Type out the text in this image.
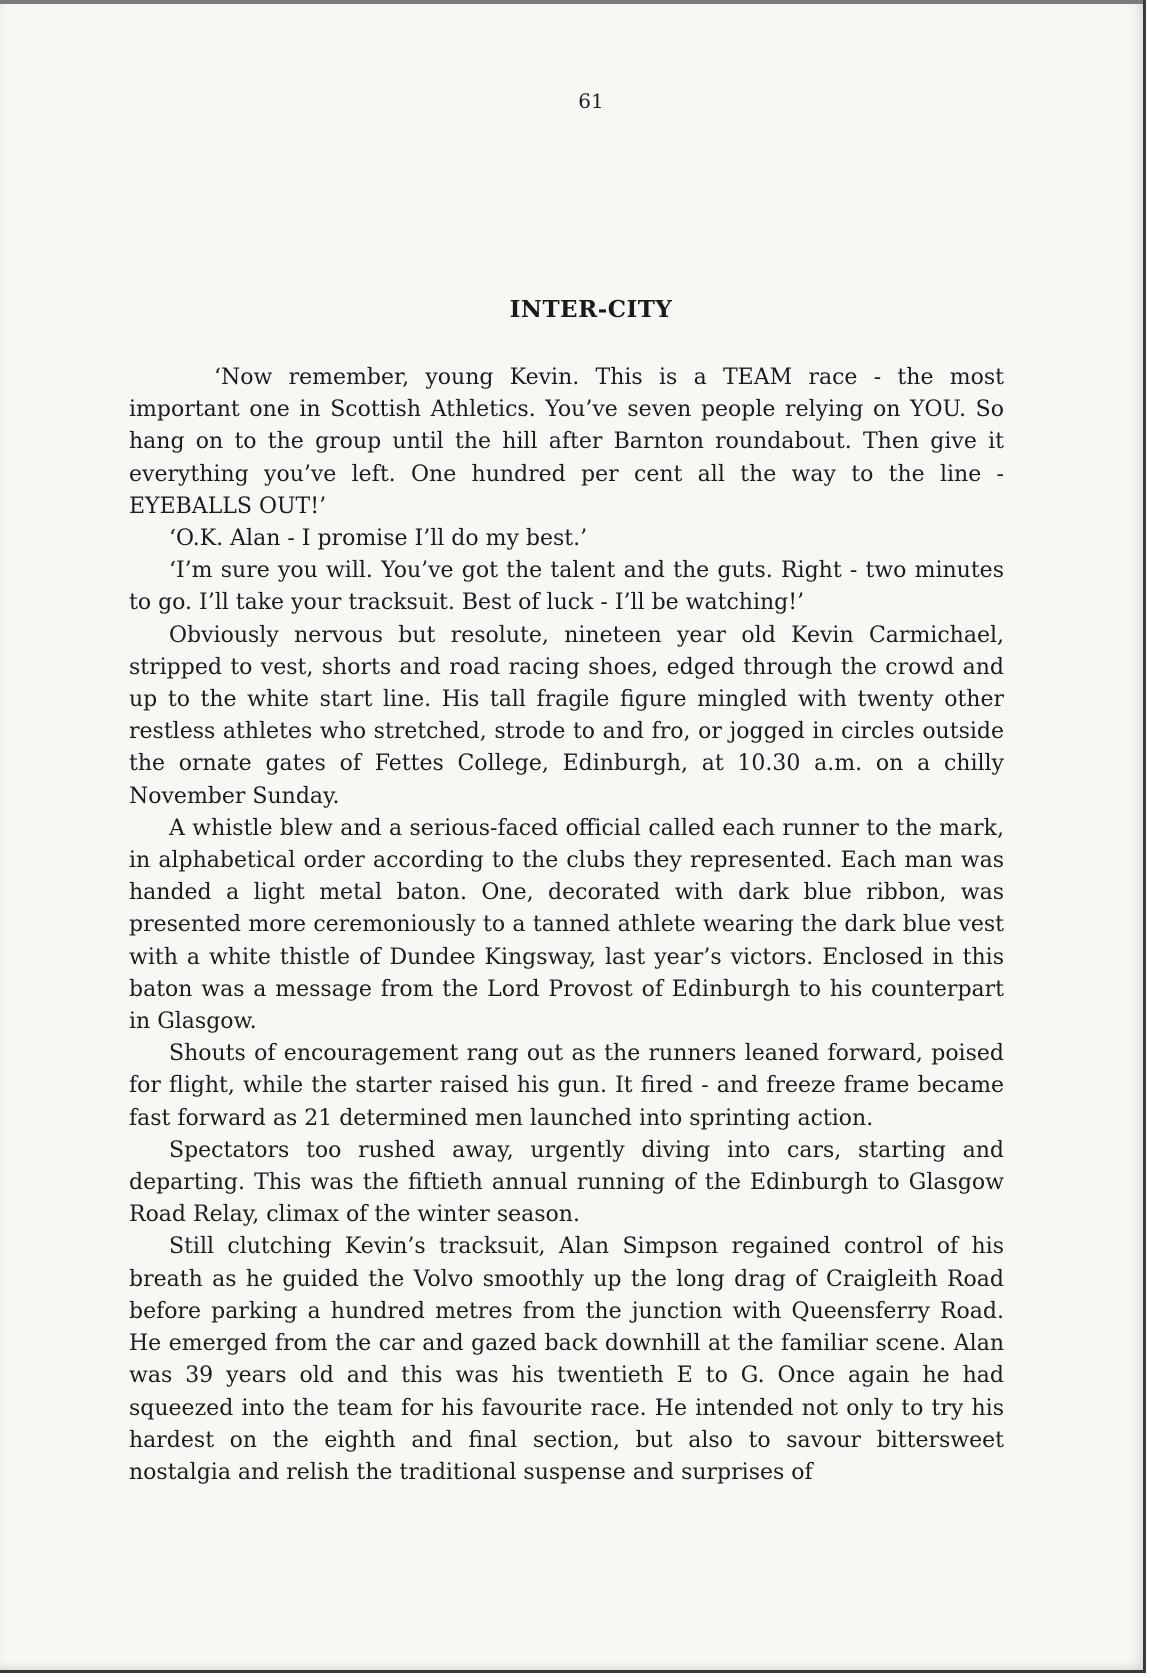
61
INTER-CITY

‘Now remember, young Kevin. This is a TEAM race - the most important one in Scottish Athletics. You’ve seven people relying on YOU. So hang on to the group until the hill after Barnton roundabout. Then give it everything you’ve left. One hundred per cent all the way to the line - EYEBALLS OUT!’

‘O.K. Alan - I promise I’ll do my best.’

‘I’m sure you will. You’ve got the talent and the guts. Right - two minutes to go. I’ll take your tracksuit. Best of luck - I’ll be watching!’

Obviously nervous but resolute, nineteen year old Kevin Carmichael, stripped to vest, shorts and road racing shoes, edged through the crowd and up to the white start line. His tall fragile figure mingled with twenty other restless athletes who stretched, strode to and fro, or jogged in circles outside the ornate gates of Fettes College, Edinburgh, at 10.30 a.m. on a chilly November Sunday.

A whistle blew and a serious-faced official called each runner to the mark, in alphabetical order according to the clubs they represented. Each man was handed a light metal baton. One, decorated with dark blue ribbon, was presented more ceremoniously to a tanned athlete wearing the dark blue vest with a white thistle of Dundee Kingsway, last year’s victors. Enclosed in this baton was a message from the Lord Provost of Edinburgh to his counterpart in Glasgow.

Shouts of encouragement rang out as the runners leaned forward, poised for flight, while the starter raised his gun. It fired - and freeze frame became fast forward as 21 determined men launched into sprinting action.

Spectators too rushed away, urgently diving into cars, starting and departing. This was the fiftieth annual running of the Edinburgh to Glasgow Road Relay, climax of the winter season.

Still clutching Kevin’s tracksuit, Alan Simpson regained control of his breath as he guided the Volvo smoothly up the long drag of Craigleith Road before parking a hundred metres from the junction with Queensferry Road. He emerged from the car and gazed back downhill at the familiar scene. Alan was 39 years old and this was his twentieth E to G. Once again he had squeezed into the team for his favourite race. He intended not only to try his hardest on the eighth and final section, but also to savour bittersweet nostalgia and relish the traditional suspense and surprises of
